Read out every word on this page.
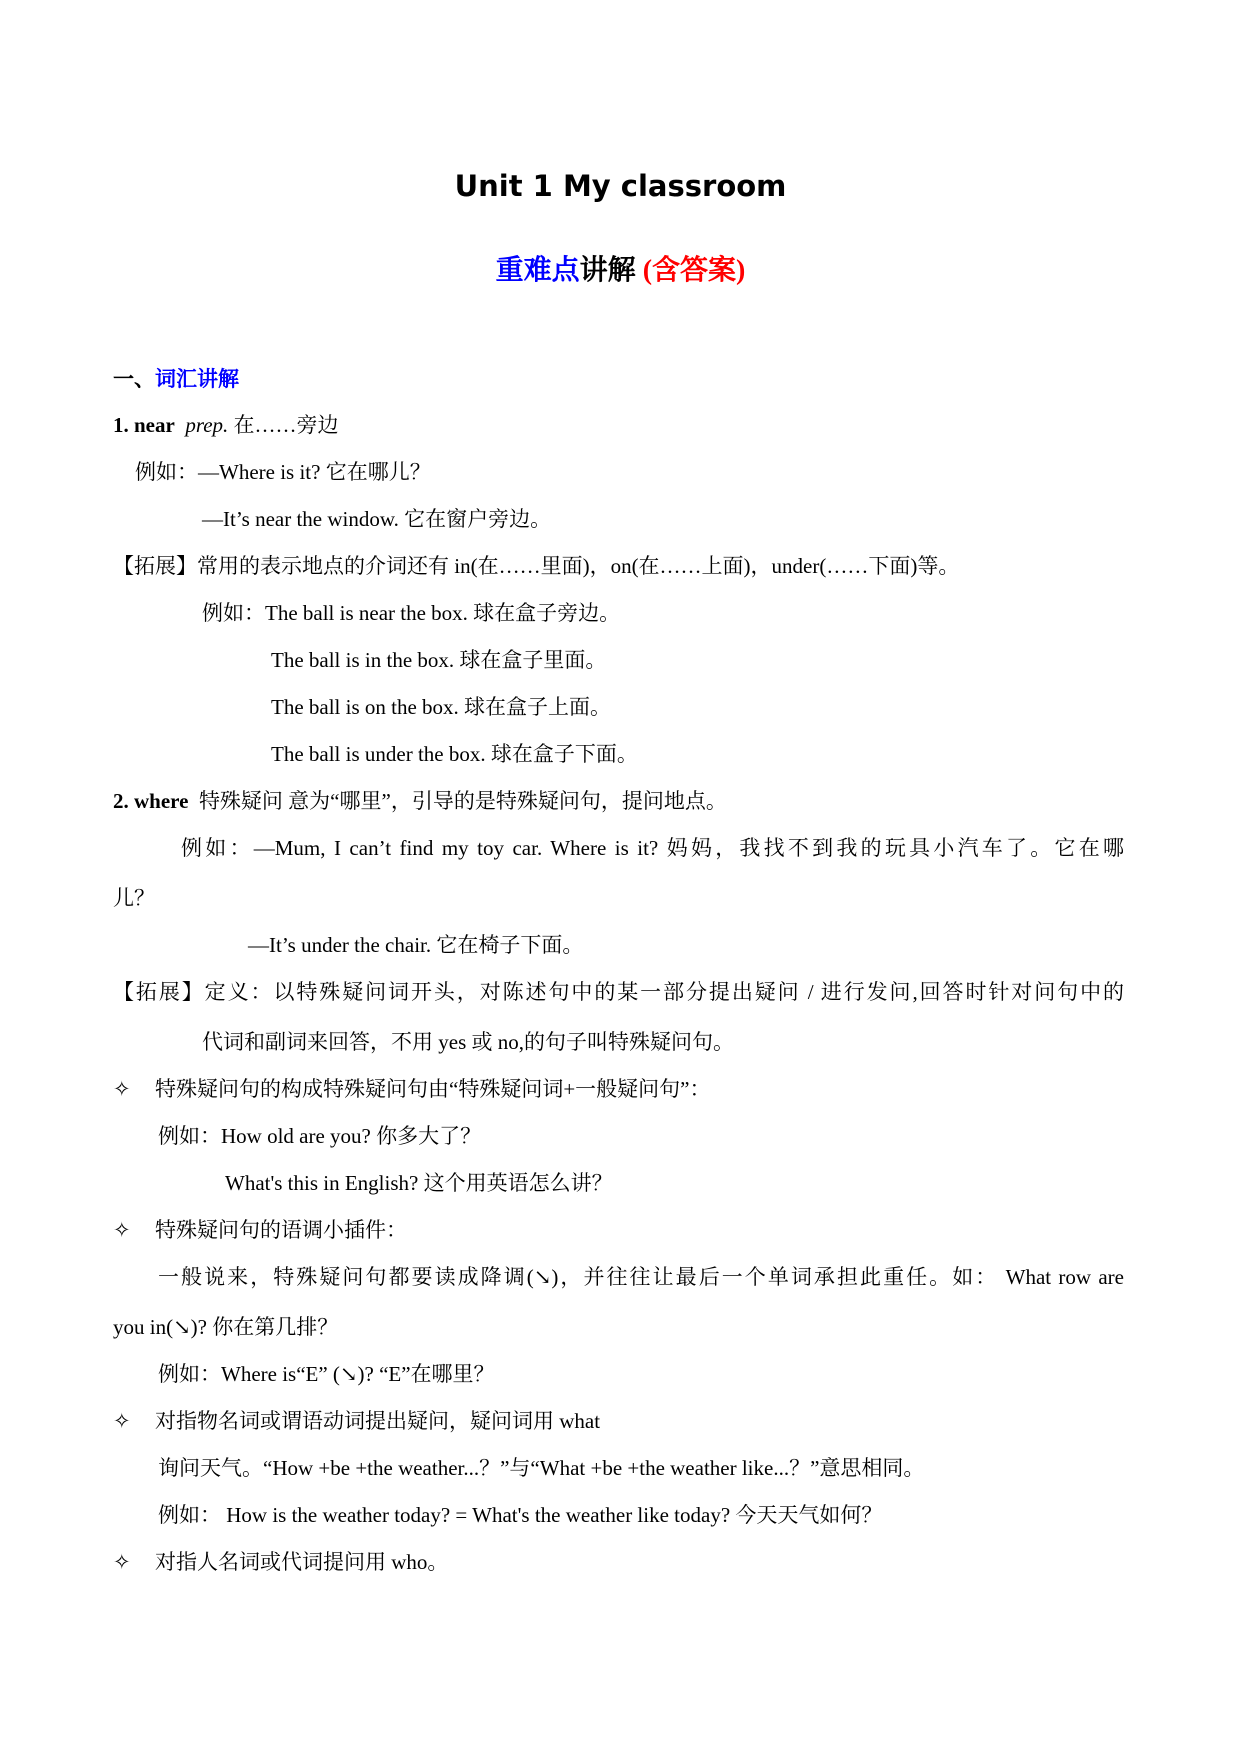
Unit 1 My classroom
重难点讲解 (含答案)
一、词汇讲解
1. near prep. 在……旁边
例如：—Where is it? 它在哪儿？
—It’s near the window. 它在窗户旁边。
【拓展】常用的表示地点的介词还有 in(在……里面)，on(在……上面)，under(……下面)等。
例如：The ball is near the box. 球在盒子旁边。
The ball is in the box. 球在盒子里面。
The ball is on the box. 球在盒子上面。
The ball is under the box. 球在盒子下面。
2. where 特殊疑问 意为“哪里”，引导的是特殊疑问句，提问地点。
例如：—Mum, I can’t find my toy car. Where is it? 妈妈，我找不到我的玩具小汽车了。它在哪
儿？
—It’s under the chair. 它在椅子下面。
【拓展】定义：以特殊疑问词开头，对陈述句中的某一部分提出疑问 / 进行发问,回答时针对问句中的
代词和副词来回答，不用 yes 或 no,的句子叫特殊疑问句。
✧ 特殊疑问句的构成特殊疑问句由“特殊疑问词+一般疑问句”：
例如：How old are you? 你多大了？
What's this in English? 这个用英语怎么讲？
✧ 特殊疑问句的语调小插件：
一般说来，特殊疑问句都要读成降调(↘)，并往往让最后一个单词承担此重任。如： What row are
you in(↘)? 你在第几排？
例如：Where is“E” (↘)? “E”在哪里？
✧ 对指物名词或谓语动词提出疑问，疑问词用 what
询问天气。“How +be +the weather...？”与“What +be +the weather like...？”意思相同。
例如： How is the weather today? = What's the weather like today? 今天天气如何？
✧ 对指人名词或代词提问用 who。
